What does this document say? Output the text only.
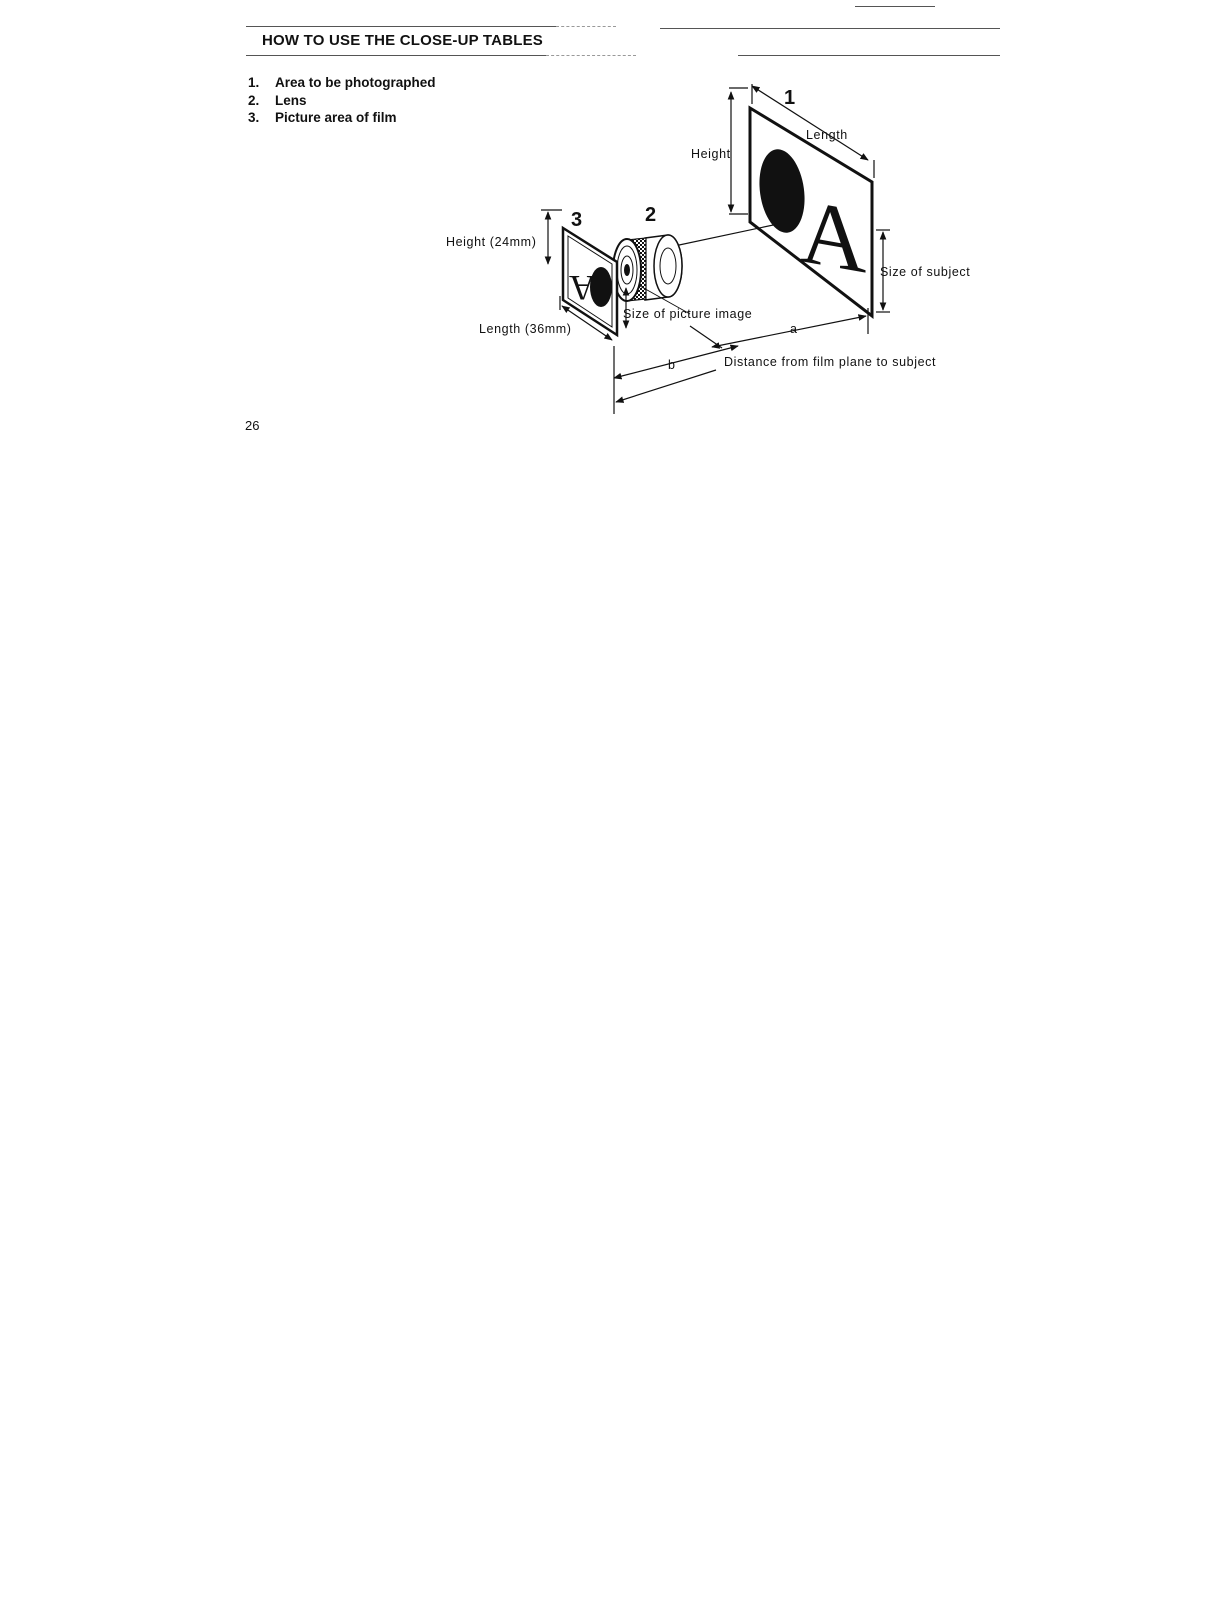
HOW TO USE THE CLOSE-UP TABLES
1.	Area to be photographed
2.	Lens
3.	Picture area of film
A
A
1
2
3
Height
Length
Size of subject
Height (24mm)
Length (36mm)
Size of picture image
a
b	Distance from film plane to subject
26
